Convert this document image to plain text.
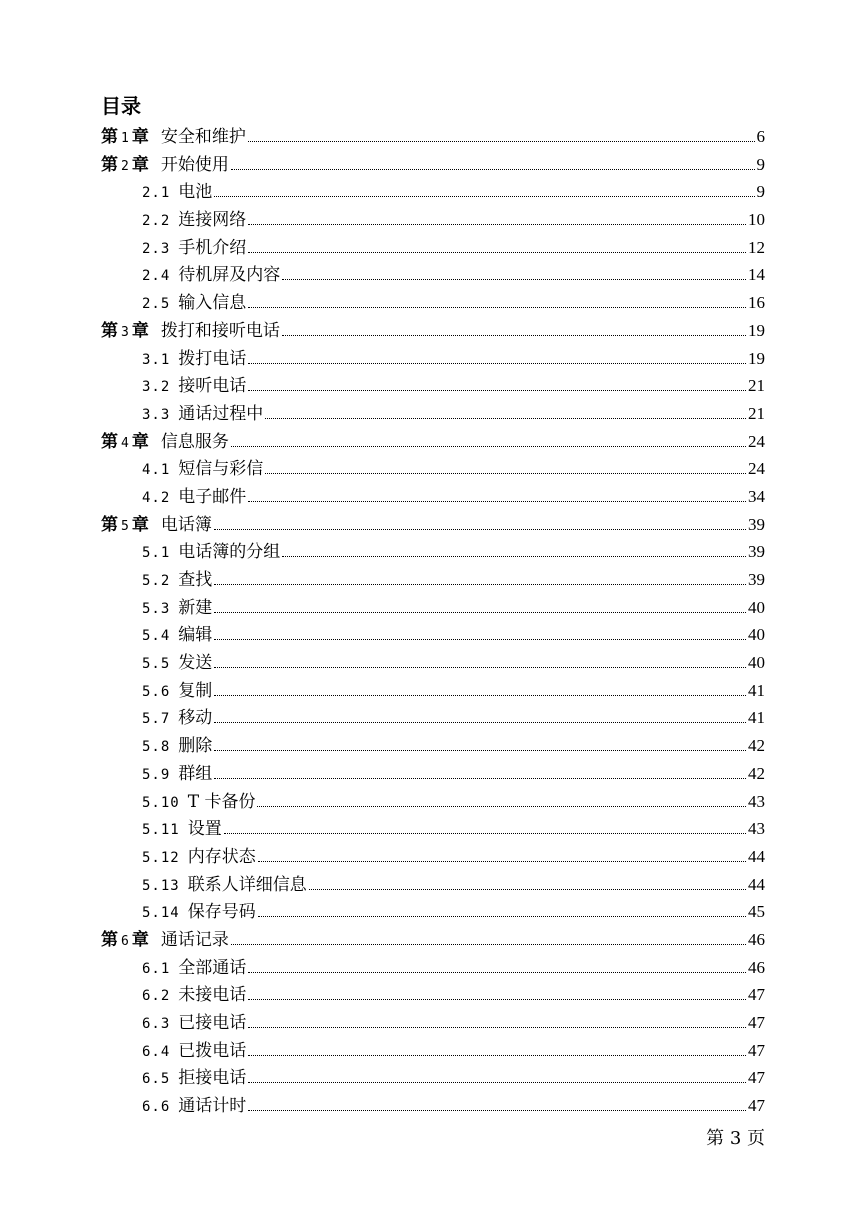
目录
第 1 章 安全和维护	6
第 2 章 开始使用	9
2.1 电池	9
2.2 连接网络	10
2.3 手机介绍	12
2.4 待机屏及内容	14
2.5 输入信息	16
第 3 章 拨打和接听电话	19
3.1 拨打电话	19
3.2 接听电话	21
3.3 通话过程中	21
第 4 章 信息服务	24
4.1 短信与彩信	24
4.2 电子邮件	34
第 5 章 电话簿	39
5.1 电话簿的分组	39
5.2 查找	39
5.3 新建	40
5.4 编辑	40
5.5 发送	40
5.6 复制	41
5.7 移动	41
5.8 删除	42
5.9 群组	42
5.10 T 卡备份	43
5.11 设置	43
5.12 内存状态	44
5.13 联系人详细信息	44
5.14 保存号码	45
第 6 章 通话记录	46
6.1 全部通话	46
6.2 未接电话	47
6.3 已接电话	47
6.4 已拨电话	47
6.5 拒接电话	47
6.6 通话计时	47
第 3 页
